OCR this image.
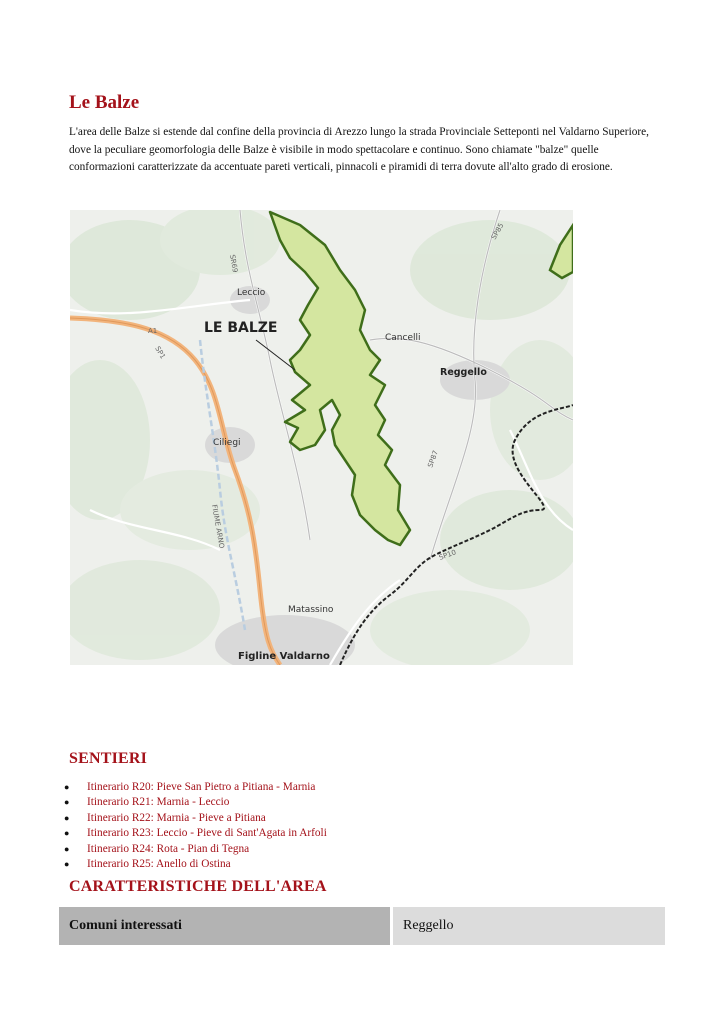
Le Balze

L'area delle Balze si estende dal confine della provincia di Arezzo lungo la strada Provinciale Setteponti nel Valdarno Superiore, dove la peculiare geomorfologia delle Balze è visibile in modo spettacolare e continuo. Sono chiamate "balze" quelle conformazioni caratterizzate da accentuate pareti verticali, pinnacoli e piramidi di terra dovute all'alto grado di erosione.

LE BALZE
Leccio
Cancelli
Reggello
Ciliegi
Matassino
Figline Valdarno
SR69
A1
SP1
SP85
SP87
SP10
FIUME ARNO
SENTIERI
● Itinerario R20: Pieve San Pietro a Pitiana - Marnia
● Itinerario R21: Marnia - Leccio
● Itinerario R22: Marnia - Pieve a Pitiana
● Itinerario R23: Leccio - Pieve di Sant'Agata in Arfoli
● Itinerario R24: Rota - Pian di Tegna
● Itinerario R25: Anello di Ostina
CARATTERISTICHE DELL'AREA
Comuni interessati	Reggello
